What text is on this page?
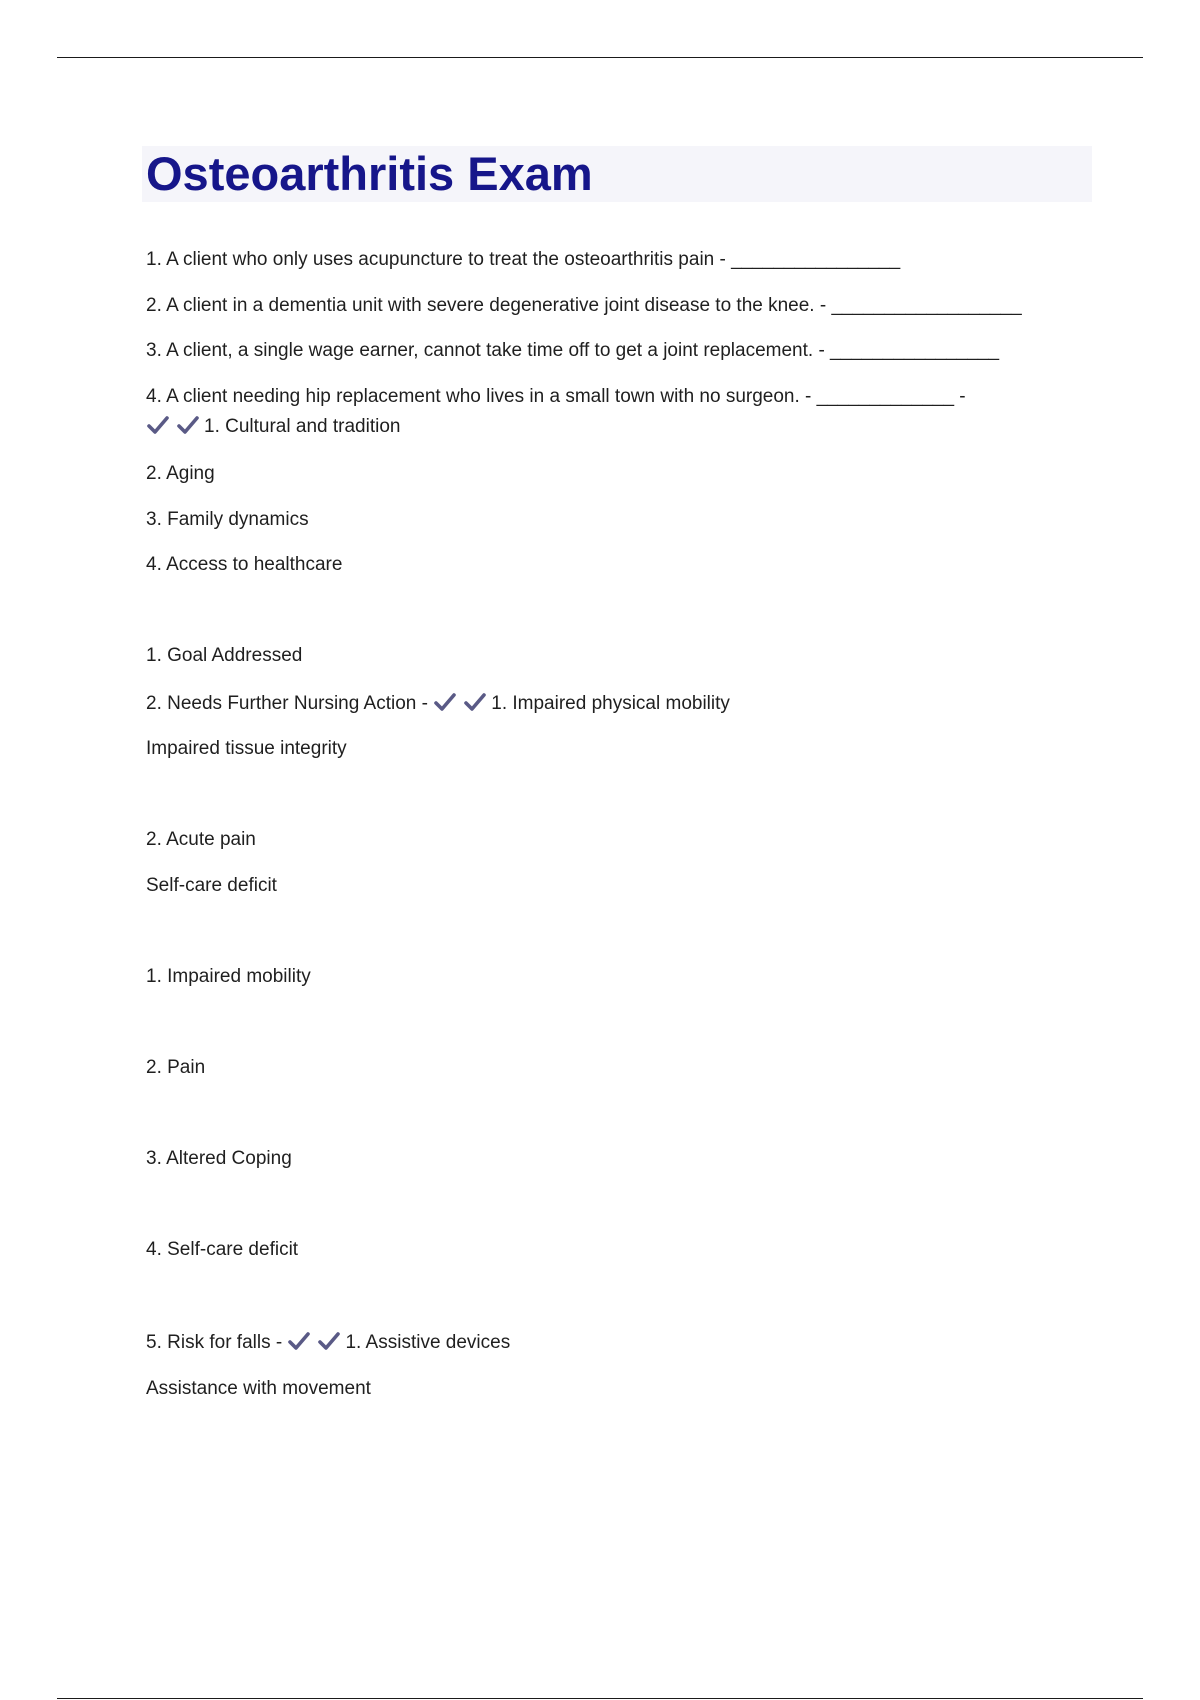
Osteoarthritis Exam
1. A client who only uses acupuncture to treat the osteoarthritis pain - ________________
2. A client in a dementia unit with severe degenerative joint disease to the knee. - __________________
3. A client, a single wage earner, cannot take time off to get a joint replacement. - ________________
4. A client needing hip replacement who lives in a small town with no surgeon. - _____________ -
1. Cultural and tradition
2. Aging
3. Family dynamics
4. Access to healthcare
1. Goal Addressed
2. Needs Further Nursing Action -	1. Impaired physical mobility
Impaired tissue integrity
2. Acute pain
Self-care deficit
1. Impaired mobility
2. Pain
3. Altered Coping
4. Self-care deficit
5. Risk for falls -	1. Assistive devices
Assistance with movement
